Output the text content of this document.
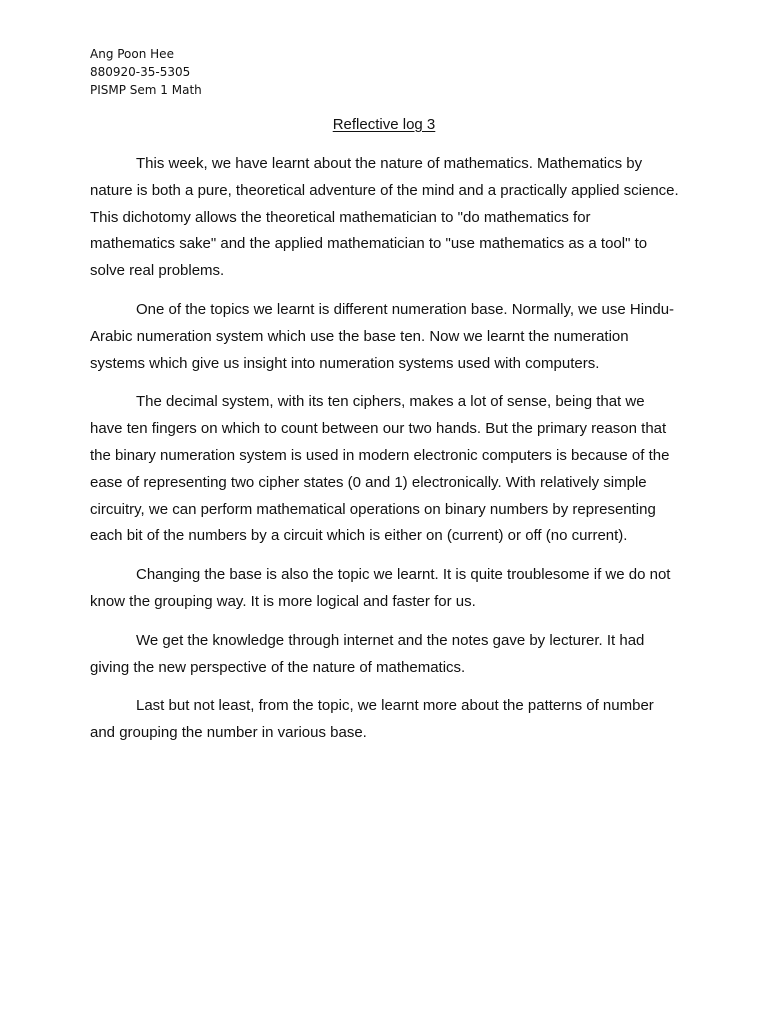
Ang Poon Hee
880920-35-5305
PISMP Sem 1 Math
Reflective log 3

This week, we have learnt about the nature of mathematics. Mathematics by
nature is both a pure, theoretical adventure of the mind and a practically applied science.
This dichotomy allows the theoretical mathematician to "do mathematics for
mathematics sake" and the applied mathematician to "use mathematics as a tool" to
solve real problems.

One of the topics we learnt is different numeration base. Normally, we use Hindu-
Arabic numeration system which use the base ten. Now we learnt the numeration
systems which give us insight into numeration systems used with computers.

The decimal system, with its ten ciphers, makes a lot of sense, being that we
have ten fingers on which to count between our two hands. But the primary reason that
the binary numeration system is used in modern electronic computers is because of the
ease of representing two cipher states (0 and 1) electronically. With relatively simple
circuitry, we can perform mathematical operations on binary numbers by representing
each bit of the numbers by a circuit which is either on (current) or off (no current).

Changing the base is also the topic we learnt. It is quite troublesome if we do not
know the grouping way. It is more logical and faster for us.

We get the knowledge through internet and the notes gave by lecturer. It had
giving the new perspective of the nature of mathematics.

Last but not least, from the topic, we learnt more about the patterns of number
and grouping the number in various base.
